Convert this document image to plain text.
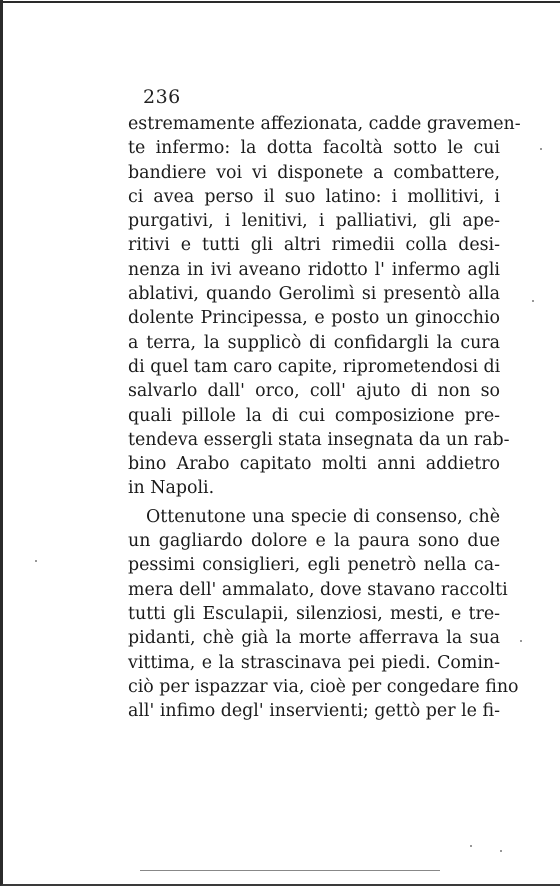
236
estremamente affezionata, cadde gravemen-
te infermo: la dotta facoltà sotto le cui
bandiere voi vi disponete a combattere,
ci avea perso il suo latino: i mollitivi, i
purgativi, i lenitivi, i palliativi, gli ape-
ritivi e tutti gli altri rimedii colla desi-
nenza in ivi aveano ridotto l' infermo agli
ablativi, quando Gerolimì si presentò alla
dolente Principessa, e posto un ginocchio
a terra, la supplicò di confidargli la cura
di quel tam caro capite, riprometendosi di
salvarlo dall' orco, coll' ajuto di non so
quali pillole la di cui composizione pre-
tendeva essergli stata insegnata da un rab-
bino Arabo capitato molti anni addietro
in Napoli.
Ottenutone una specie di consenso, chè
un gagliardo dolore e la paura sono due
pessimi consiglieri, egli penetrò nella ca-
mera dell' ammalato, dove stavano raccolti
tutti gli Esculapii, silenziosi, mesti, e tre-
pidanti, chè già la morte afferrava la sua
vittima, e la strascinava pei piedi. Comin-
ciò per ispazzar via, cioè per congedare fino
all' infimo degl' inservienti; gettò per le fi-
